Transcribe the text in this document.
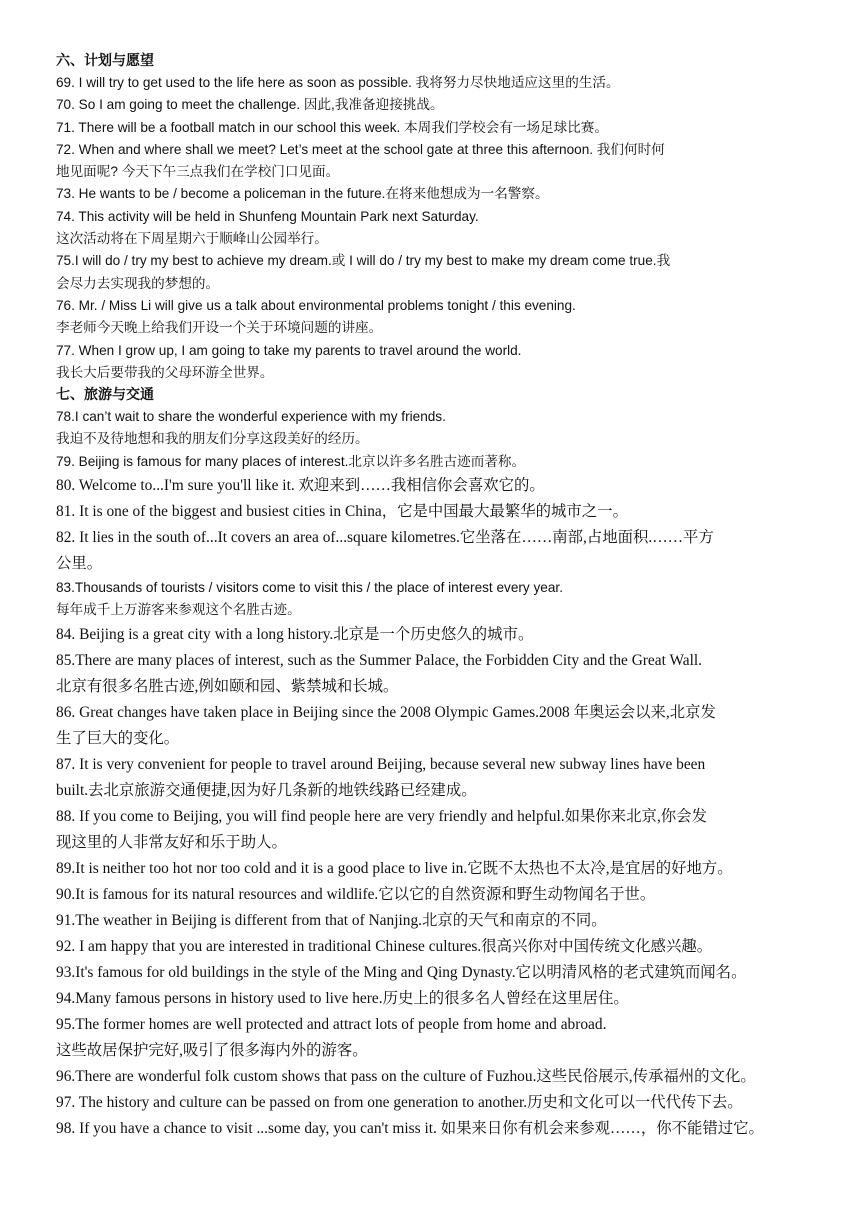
六、计划与愿望
69. I will try to get used to the life here as soon as possible. 我将努力尽快地适应这里的生活。
70. So I am going to meet the challenge. 因此,我准备迎接挑战。
71. There will be a football match in our school this week. 本周我们学校会有一场足球比赛。
72. When and where shall we meet? Let’s meet at the school gate at three this afternoon. 我们何时何
地见面呢? 今天下午三点我们在学校门口见面。
73. He wants to be / become a policeman in the future.在将来他想成为一名警察。
74. This activity will be held in Shunfeng Mountain Park next Saturday.
这次活动将在下周星期六于顺峰山公园举行。
75.I will do / try my best to achieve my dream.或 I will do / try my best to make my dream come true.我
会尽力去实现我的梦想的。
76. Mr. / Miss Li will give us a talk about environmental problems tonight / this evening.
李老师今天晚上给我们开设一个关于环境问题的讲座。
77. When I grow up, I am going to take my parents to travel around the world.
我长大后要带我的父母环游全世界。
七、旅游与交通
78.I can’t wait to share the wonderful experience with my friends.
我迫不及待地想和我的朋友们分享这段美好的经历。
79. Beijing is famous for many places of interest.北京以许多名胜古迹而著称。
80. Welcome to...I'm sure you'll like it. 欢迎来到……我相信你会喜欢它的。
81. It is one of the biggest and busiest cities in China，它是中国最大最繁华的城市之一。
82. It lies in the south of...It covers an area of...square kilometres.它坐落在……南部,占地面积.……平方
公里。
83.Thousands of tourists / visitors come to visit this / the place of interest every year.
每年成千上万游客来参观这个名胜古迹。
84. Beijing is a great city with a long history.北京是一个历史悠久的城市。
85.There are many places of interest, such as the Summer Palace, the Forbidden City and the Great Wall.
北京有很多名胜古迹,例如颐和园、紫禁城和长城。
86. Great changes have taken place in Beijing since the 2008 Olympic Games.2008 年奥运会以来,北京发
生了巨大的变化。
87. It is very convenient for people to travel around Beijing, because several new subway lines have been
built.去北京旅游交通便捷,因为好几条新的地铁线路已经建成。
88. If you come to Beijing, you will find people here are very friendly and helpful.如果你来北京,你会发
现这里的人非常友好和乐于助人。
89.It is neither too hot nor too cold and it is a good place to live in.它既不太热也不太冷,是宜居的好地方。
90.It is famous for its natural resources and wildlife.它以它的自然资源和野生动物闻名于世。
91.The weather in Beijing is different from that of Nanjing.北京的天气和南京的不同。
92. I am happy that you are interested in traditional Chinese cultures.很高兴你对中国传统文化感兴趣。
93.It's famous for old buildings in the style of the Ming and Qing Dynasty.它以明清风格的老式建筑而闻名。
94.Many famous persons in history used to live here.历史上的很多名人曾经在这里居住。
95.The former homes are well protected and attract lots of people from home and abroad.
这些故居保护完好,吸引了很多海内外的游客。
96.There are wonderful folk custom shows that pass on the culture of Fuzhou.这些民俗展示,传承福州的文化。
97. The history and culture can be passed on from one generation to another.历史和文化可以一代代传下去。
98. If you have a chance to visit ...some day, you can't miss it. 如果来日你有机会来参观……，你不能错过它。
